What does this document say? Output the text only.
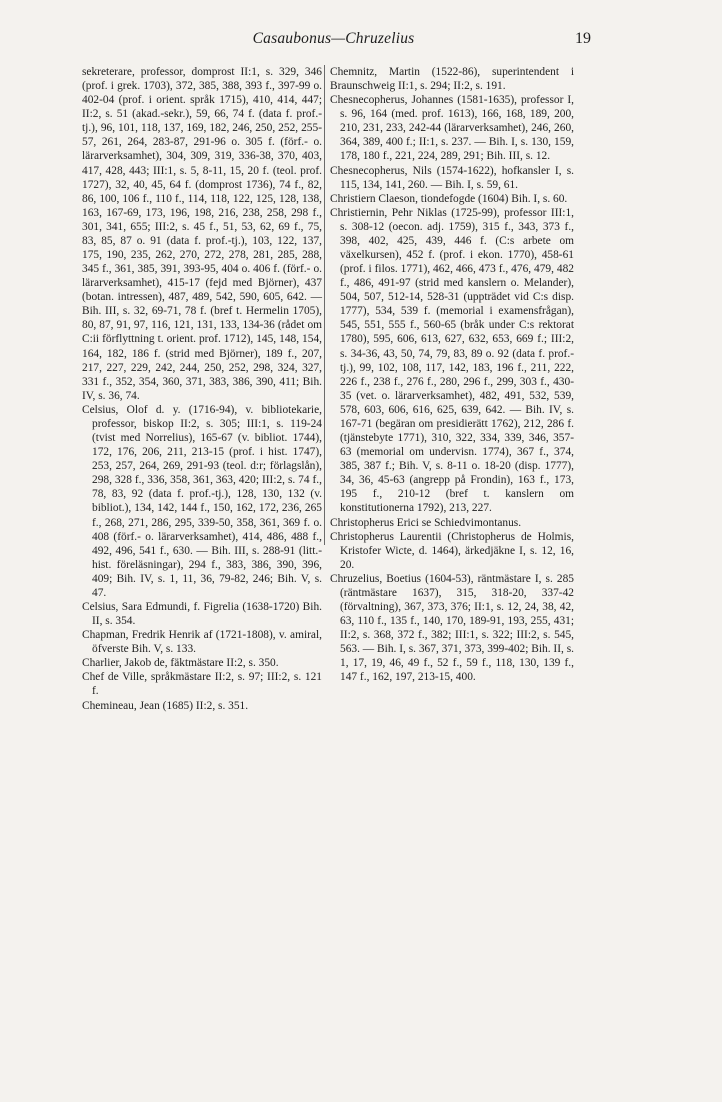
Casaubonus—Chruzelius	19

sekreterare, professor, domprost II:1, s. 329, 346 (prof. i grek. 1703), 372, 385, 388, 393 f., 397-99 o. 402-04 (prof. i orient. språk 1715), 410, 414, 447; II:2, s. 51 (akad.-sekr.), 59, 66, 74 f. (data f. prof.-tj.), 96, 101, 118, 137, 169, 182, 246, 250, 252, 255-57, 261, 264, 283-87, 291-96 o. 305 f. (förf.- o. lärarverksamhet), 304, 309, 319, 336-38, 370, 403, 417, 428, 443; III:1, s. 5, 8-11, 15, 20 f. (teol. prof. 1727), 32, 40, 45, 64 f. (domprost 1736), 74 f., 82, 86, 100, 106 f., 110 f., 114, 118, 122, 125, 128, 138, 163, 167-69, 173, 196, 198, 216, 238, 258, 298 f., 301, 341, 655; III:2, s. 45 f., 51, 53, 62, 69 f., 75, 83, 85, 87 o. 91 (data f. prof.-tj.), 103, 122, 137, 175, 190, 235, 262, 270, 272, 278, 281, 285, 288, 345 f., 361, 385, 391, 393-95, 404 o. 406 f. (förf.- o. lärarverksamhet), 415-17 (fejd med Björner), 437 (botan. intressen), 487, 489, 542, 590, 605, 642. — Bih. III, s. 32, 69-71, 78 f. (bref t. Hermelin 1705), 80, 87, 91, 97, 116, 121, 131, 133, 134-36 (rådet om C:ii förflyttning t. orient. prof. 1712), 145, 148, 154, 164, 182, 186 f. (strid med Björner), 189 f., 207, 217, 227, 229, 242, 244, 250, 252, 298, 324, 327, 331 f., 352, 354, 360, 371, 383, 386, 390, 411; Bih. IV, s. 36, 74.

Celsius, Olof d. y. (1716-94), v. bibliotekarie, professor, biskop II:2, s. 305; III:1, s. 119-24 (tvist med Norrelius), 165-67 (v. bibliot. 1744), 172, 176, 206, 211, 213-15 (prof. i hist. 1747), 253, 257, 264, 269, 291-93 (teol. d:r; förlagslån), 298, 328 f., 336, 358, 361, 363, 420; III:2, s. 74 f., 78, 83, 92 (data f. prof.-tj.), 128, 130, 132 (v. bibliot.), 134, 142, 144 f., 150, 162, 172, 236, 265 f., 268, 271, 286, 295, 339-50, 358, 361, 369 f. o. 408 (förf.- o. lärarverksamhet), 414, 486, 488 f., 492, 496, 541 f., 630. — Bih. III, s. 288-91 (litt.-hist. föreläsningar), 294 f., 383, 386, 390, 396, 409; Bih. IV, s. 1, 11, 36, 79-82, 246; Bih. V, s. 47.

Celsius, Sara Edmundi, f. Figrelia (1638-1720) Bih. II, s. 354.

Chapman, Fredrik Henrik af (1721-1808), v. amiral, öfverste Bih. V, s. 133.

Charlier, Jakob de, fäktmästare II:2, s. 350.

Chef de Ville, språkmästare II:2, s. 97; III:2, s. 121 f.

Chemineau, Jean (1685) II:2, s. 351.

Chemnitz, Martin (1522-86), superintendent i Braunschweig II:1, s. 294; II:2, s. 191.

Chesnecopherus, Johannes (1581-1635), professor I, s. 96, 164 (med. prof. 1613), 166, 168, 189, 200, 210, 231, 233, 242-44 (lärarverksamhet), 246, 260, 364, 389, 400 f.; II:1, s. 237. — Bih. I, s. 130, 159, 178, 180 f., 221, 224, 289, 291; Bih. III, s. 12.

Chesnecopherus, Nils (1574-1622), hofkansler I, s. 115, 134, 141, 260. — Bih. I, s. 59, 61.

Christiern Claeson, tiondefogde (1604) Bih. I, s. 60.

Christiernin, Pehr Niklas (1725-99), professor III:1, s. 308-12 (oecon. adj. 1759), 315 f., 343, 373 f., 398, 402, 425, 439, 446 f. (C:s arbete om växelkursen), 452 f. (prof. i ekon. 1770), 458-61 (prof. i filos. 1771), 462, 466, 473 f., 476, 479, 482 f., 486, 491-97 (strid med kanslern o. Melander), 504, 507, 512-14, 528-31 (uppträdet vid C:s disp. 1777), 534, 539 f. (memorial i examensfrågan), 545, 551, 555 f., 560-65 (bråk under C:s rektorat 1780), 595, 606, 613, 627, 632, 653, 669 f.; III:2, s. 34-36, 43, 50, 74, 79, 83, 89 o. 92 (data f. prof.-tj.), 99, 102, 108, 117, 142, 183, 196 f., 211, 222, 226 f., 238 f., 276 f., 280, 296 f., 299, 303 f., 430-35 (vet. o. lärarverksamhet), 482, 491, 532, 539, 578, 603, 606, 616, 625, 639, 642. — Bih. IV, s. 167-71 (begäran om presidierätt 1762), 212, 286 f. (tjänstebyte 1771), 310, 322, 334, 339, 346, 357-63 (memorial om undervisn. 1774), 367 f., 374, 385, 387 f.; Bih. V, s. 8-11 o. 18-20 (disp. 1777), 34, 36, 45-63 (angrepp på Frondin), 163 f., 173, 195 f., 210-12 (bref t. kanslern om konstitutionerna 1792), 213, 227.

Christopherus Erici se Schiedvimontanus.

Christopherus Laurentii (Christopherus de Holmis, Kristofer Wicte, d. 1464), ärkedjäkne I, s. 12, 16, 20.

Chruzelius, Boetius (1604-53), räntmästare I, s. 285 (räntmästare 1637), 315, 318-20, 337-42 (förvaltning), 367, 373, 376; II:1, s. 12, 24, 38, 42, 63, 110 f., 135 f., 140, 170, 189-91, 193, 255, 431; II:2, s. 368, 372 f., 382; III:1, s. 322; III:2, s. 545, 563. — Bih. I, s. 367, 371, 373, 399-402; Bih. II, s. 1, 17, 19, 46, 49 f., 52 f., 59 f., 118, 130, 139 f., 147 f., 162, 197, 213-15, 400.
